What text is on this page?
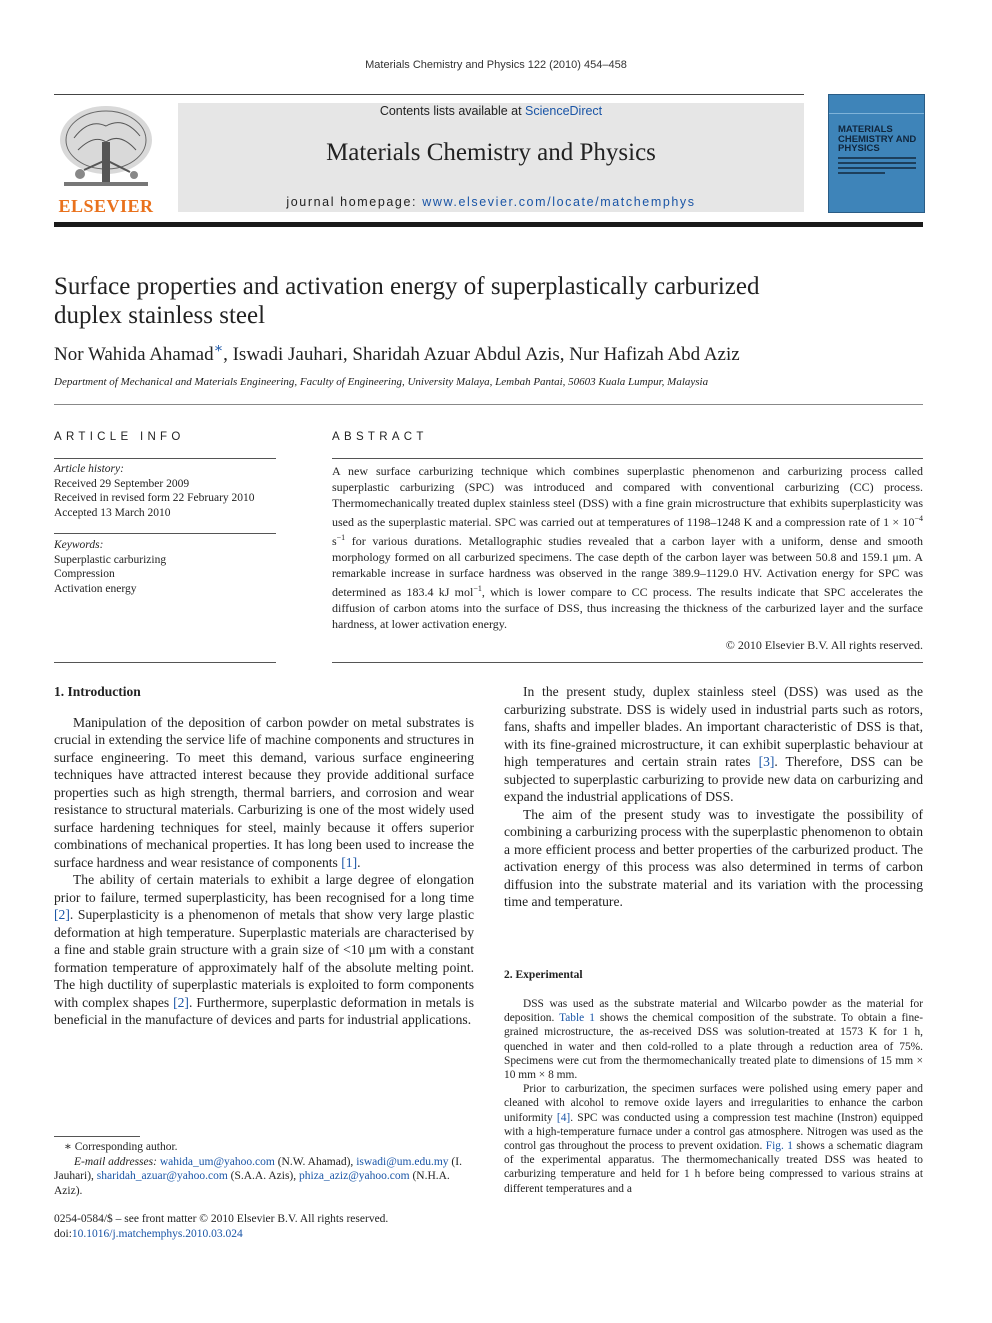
Materials Chemistry and Physics 122 (2010) 454–458
ELSEVIER
Contents lists available at ScienceDirect
Materials Chemistry and Physics
journal homepage: www.elsevier.com/locate/matchemphys
MATERIALS CHEMISTRY AND PHYSICS
Surface properties and activation energy of superplastically carburized duplex stainless steel
Nor Wahida Ahamad∗, Iswadi Jauhari, Sharidah Azuar Abdul Azis, Nur Hafizah Abd Aziz
Department of Mechanical and Materials Engineering, Faculty of Engineering, University Malaya, Lembah Pantai, 50603 Kuala Lumpur, Malaysia
ARTICLE INFO
Article history:
Received 29 September 2009
Received in revised form 22 February 2010
Accepted 13 March 2010
Keywords:
Superplastic carburizing
Compression
Activation energy
ABSTRACT
A new surface carburizing technique which combines superplastic phenomenon and carburizing process called superplastic carburizing (SPC) was introduced and compared with conventional carburizing (CC) process. Thermomechanically treated duplex stainless steel (DSS) with a fine grain microstructure that exhibits superplasticity was used as the superplastic material. SPC was carried out at temperatures of 1198–1248 K and a compression rate of $1 \times 10^{-4}$ $s^{-1}$ for various durations. Metallographic studies revealed that a carbon layer with a uniform, dense and smooth morphology formed on all carburized specimens. The case depth of the carbon layer was between 50.8 and 159.1 μm. A remarkable increase in surface hardness was observed in the range 389.9–1129.0 HV. Activation energy for SPC was determined as 183.4 kJ mol$^{-1}$, which is lower compare to CC process. The results indicate that SPC accelerates the diffusion of carbon atoms into the surface of DSS, thus increasing the thickness of the carburized layer and the surface hardness, at lower activation energy.
© 2010 Elsevier B.V. All rights reserved.
1. Introduction

Manipulation of the deposition of carbon powder on metal substrates is crucial in extending the service life of machine components and structures in surface engineering. To meet this demand, various surface engineering techniques have attracted interest because they provide additional surface properties such as high strength, thermal barriers, and corrosion and wear resistance to structural materials. Carburizing is one of the most widely used surface hardening techniques for steel, mainly because it offers superior combinations of mechanical properties. It has long been used to increase the surface hardness and wear resistance of components [1].

The ability of certain materials to exhibit a large degree of elongation prior to failure, termed superplasticity, has been recognised for a long time [2]. Superplasticity is a phenomenon of metals that show very large plastic deformation at high temperature. Superplastic materials are characterised by a fine and stable grain structure with a grain size of <10 μm with a constant formation temperature of approximately half of the absolute melting point. The high ductility of superplastic materials is exploited to form components with complex shapes [2]. Furthermore, superplastic deformation in metals is beneficial in the manufacture of devices and parts for industrial applications.

∗ Corresponding author.
E-mail addresses: wahida_um@yahoo.com (N.W. Ahamad), iswadi@um.edu.my (I. Jauhari), sharidah_azuar@yahoo.com (S.A.A. Azis), phiza_aziz@yahoo.com (N.H.A. Aziz).
0254-0584/$ – see front matter © 2010 Elsevier B.V. All rights reserved.
doi:10.1016/j.matchemphys.2010.03.024

In the present study, duplex stainless steel (DSS) was used as the carburizing substrate. DSS is widely used in industrial parts such as rotors, fans, shafts and impeller blades. An important characteristic of DSS is that, with its fine-grained microstructure, it can exhibit superplastic behaviour at high temperatures and certain strain rates [3]. Therefore, DSS can be subjected to superplastic carburizing to provide new data on carburizing and expand the industrial applications of DSS.

The aim of the present study was to investigate the possibility of combining a carburizing process with the superplastic phenomenon to obtain a more efficient process and better properties of the carburized product. The activation energy of this process was also determined in terms of carbon diffusion into the substrate material and its variation with the processing time and temperature.

2. Experimental

DSS was used as the substrate material and Wilcarbo powder as the material for deposition. Table 1 shows the chemical composition of the substrate. To obtain a fine-grained microstructure, the as-received DSS was solution-treated at 1573 K for 1 h, quenched in water and then cold-rolled to a plate through a reduction area of 75%. Specimens were cut from the thermomechanically treated plate to dimensions of 15 mm × 10 mm × 8 mm.

Prior to carburization, the specimen surfaces were polished using emery paper and cleaned with alcohol to remove oxide layers and irregularities to enhance the carbon uniformity [4]. SPC was conducted using a compression test machine (Instron) equipped with a high-temperature furnace under a control gas atmosphere. Nitrogen was used as the control gas throughout the process to prevent oxidation. Fig. 1 shows a schematic diagram of the experimental apparatus. The thermomechanically treated DSS was heated to carburizing temperature and held for 1 h before being compressed to various strains at different temperatures and a
